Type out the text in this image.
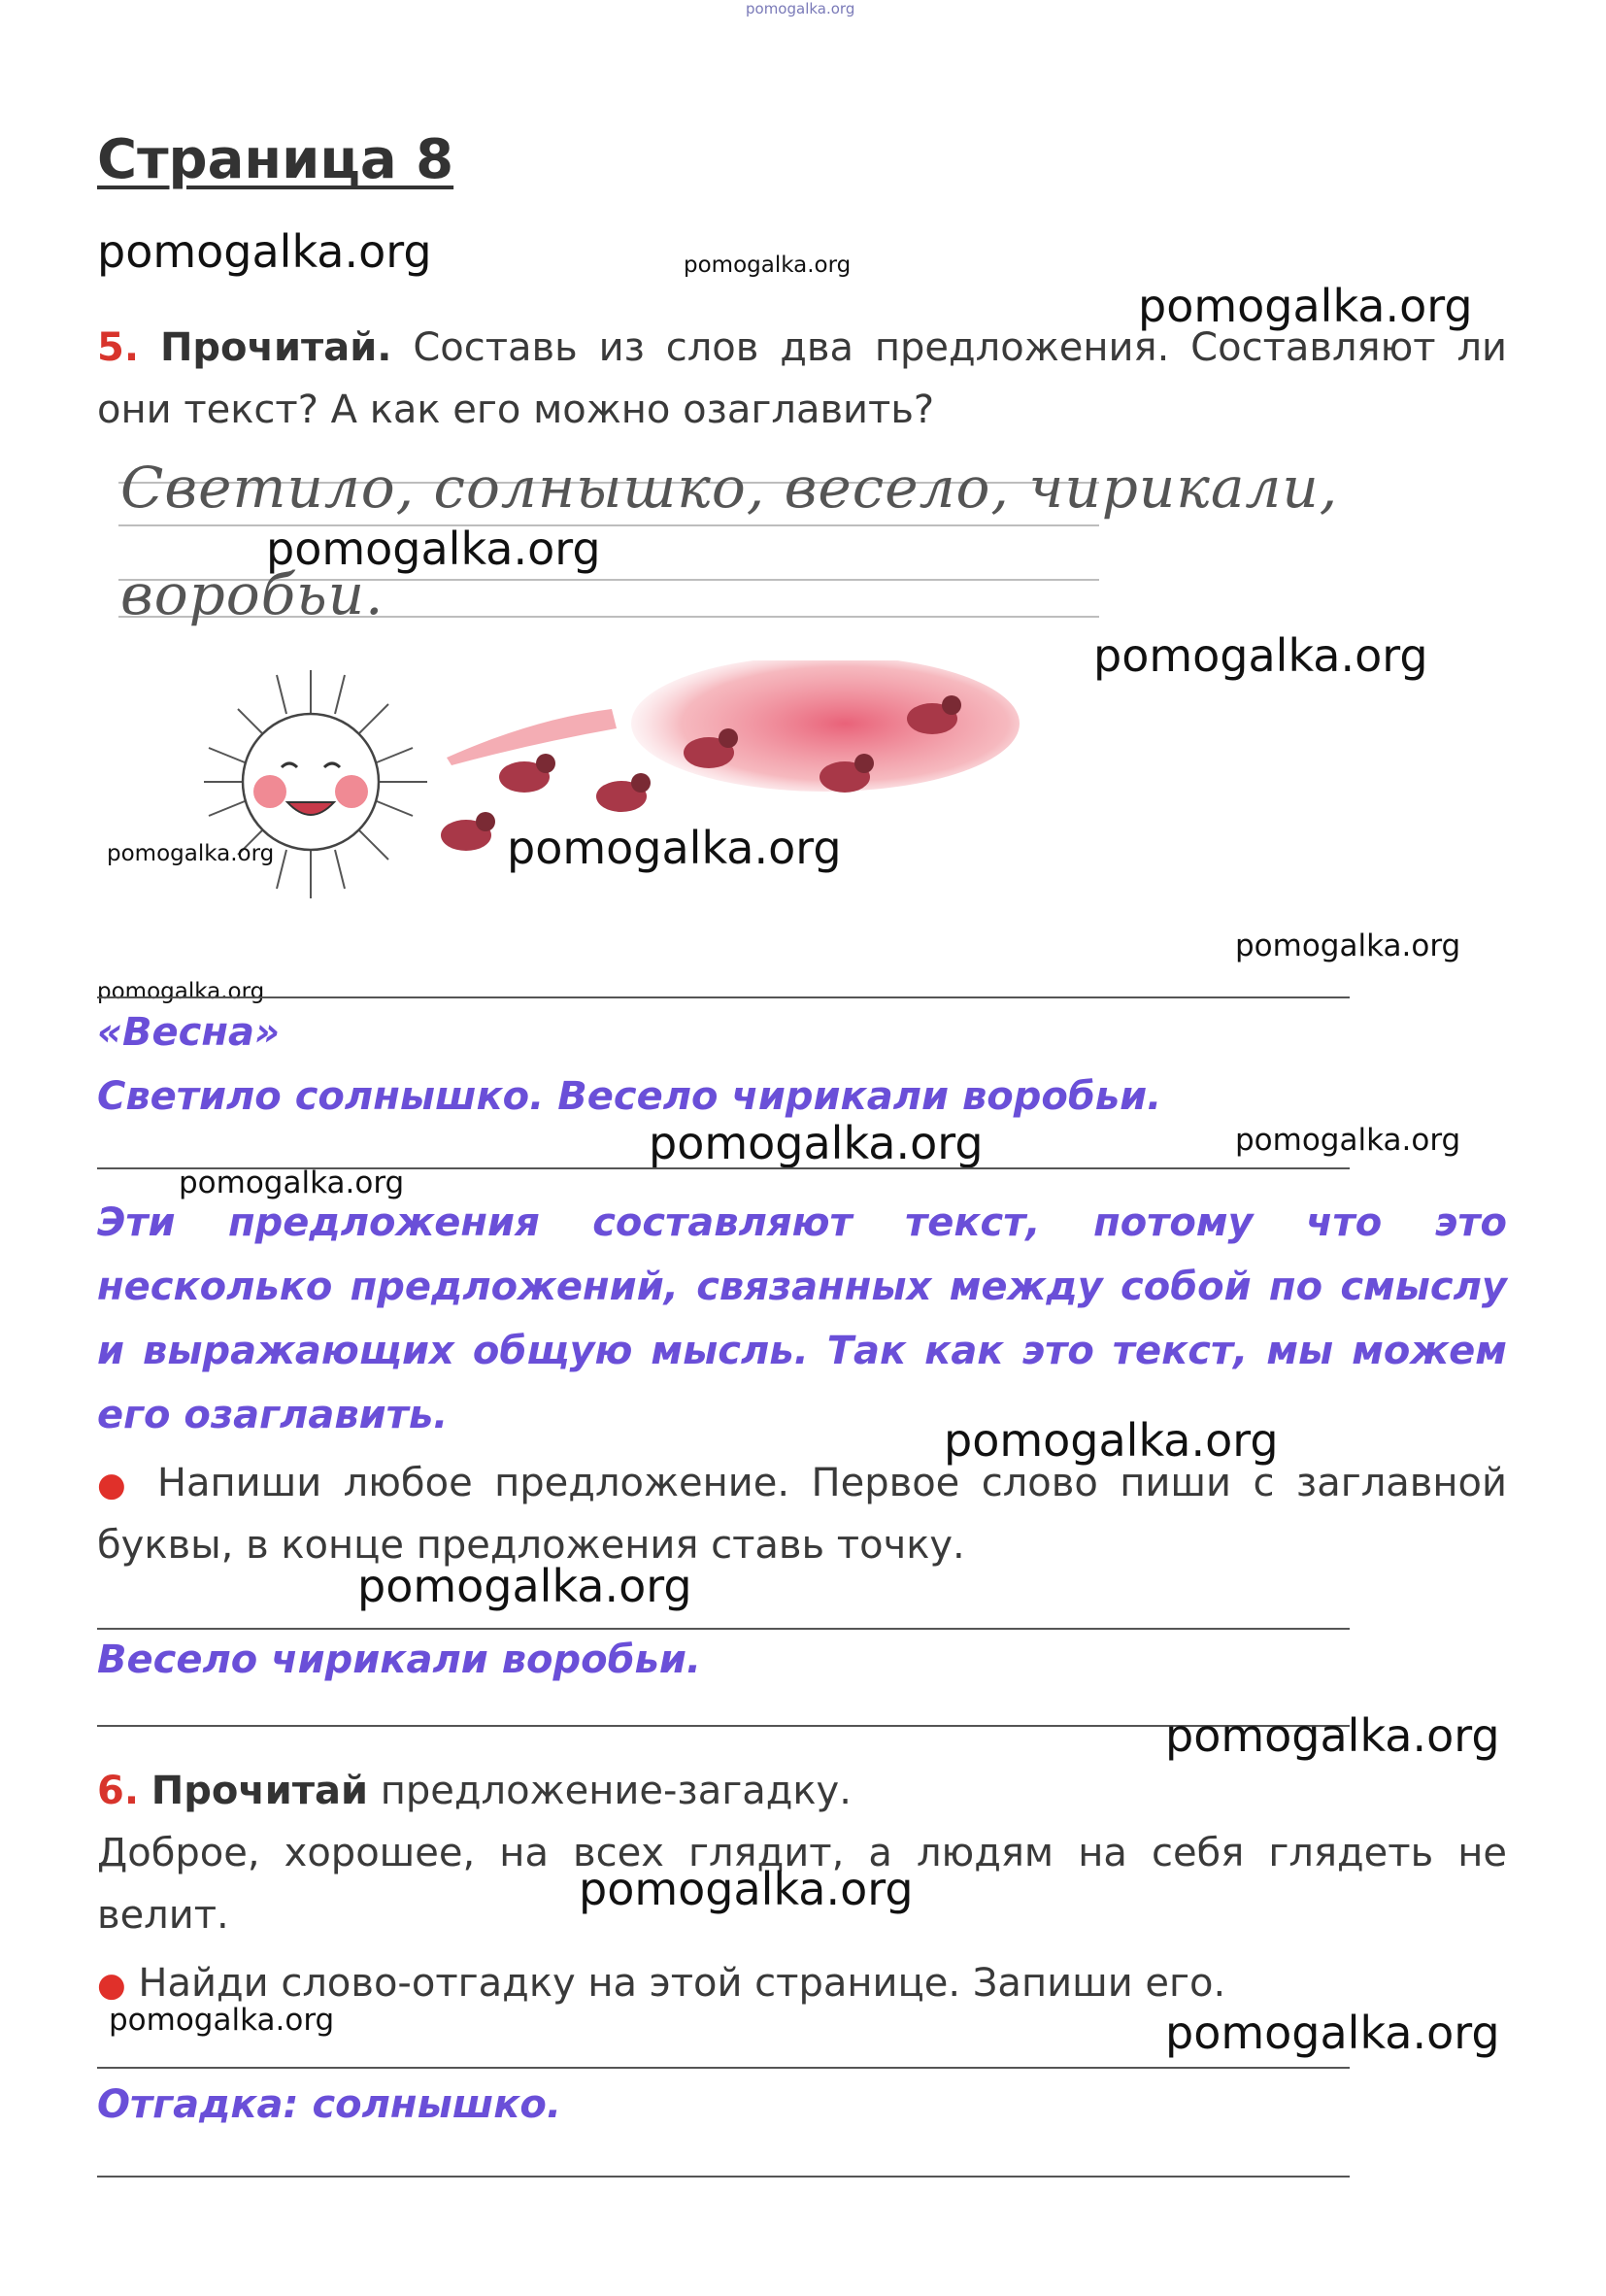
pomogalka.org
Страница 8
pomogalka.org	pomogalka.org
pomogalka.org
5. Прочитай. Составь из слов два предложения. Составляют ли они текст? А как его можно озаглавить?
Светило, солнышко, весело, чирикали,
воробьи.
pomogalka.org
pomogalka.org
pomogalka.org	pomogalka.org
pomogalka.org
pomogalka.org
«Весна»
Светило солнышко. Весело чирикали воробьи.
pomogalka.org	pomogalka.org
pomogalka.org
Эти предложения составляют текст, потому что это несколько предложений, связанных между собой по смыслу и выражающих общую мысль. Так как это текст, мы можем его озаглавить.	pomogalka.org
● Напиши любое предложение. Первое слово пиши с заглавной буквы, в конце предложения ставь точку.
pomogalka.org
Весело чирикали воробьи.
pomogalka.org
6. Прочитай предложение-загадку.
Доброе, хорошее, на всех глядит, а людям на себя глядеть не велит.	pomogalka.org
● Найди слово-отгадку на этой странице. Запиши его.
pomogalka.org	pomogalka.org
Отгадка: солнышко.
